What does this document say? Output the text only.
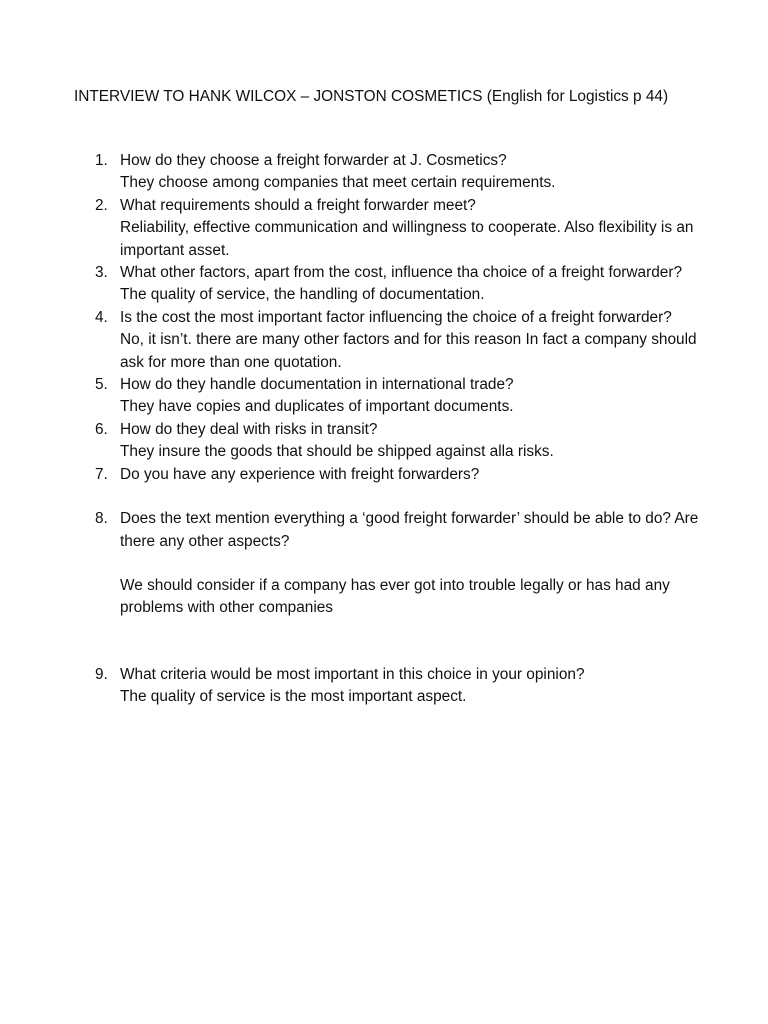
INTERVIEW TO HANK WILCOX – JONSTON COSMETICS (English for Logistics p 44)
1. How do they choose a freight forwarder at J. Cosmetics?
They choose among companies that meet certain requirements.
2. What requirements should a freight forwarder meet?
Reliability, effective communication and willingness to cooperate. Also flexibility is an important asset.
3. What other factors, apart from the cost, influence tha choice of a freight forwarder?
The quality of service, the handling of documentation.
4. Is the cost the most important factor influencing the choice of a freight forwarder?
No, it isn’t. there are many other factors and for this reason In fact a company should ask for more than one quotation.
5. How do they handle documentation in international trade?
They have copies and duplicates of important documents.
6. How do they deal with risks in transit?
They insure the goods that should be shipped against alla risks.
7. Do you have any experience with freight forwarders?
8. Does the text mention everything a ‘good freight forwarder’ should be able to do? Are there any other aspects?
We should consider if a company has ever got into trouble legally or has had any problems with other companies
9. What criteria would be most important in this choice in your opinion?
The quality of service is the most important aspect.
